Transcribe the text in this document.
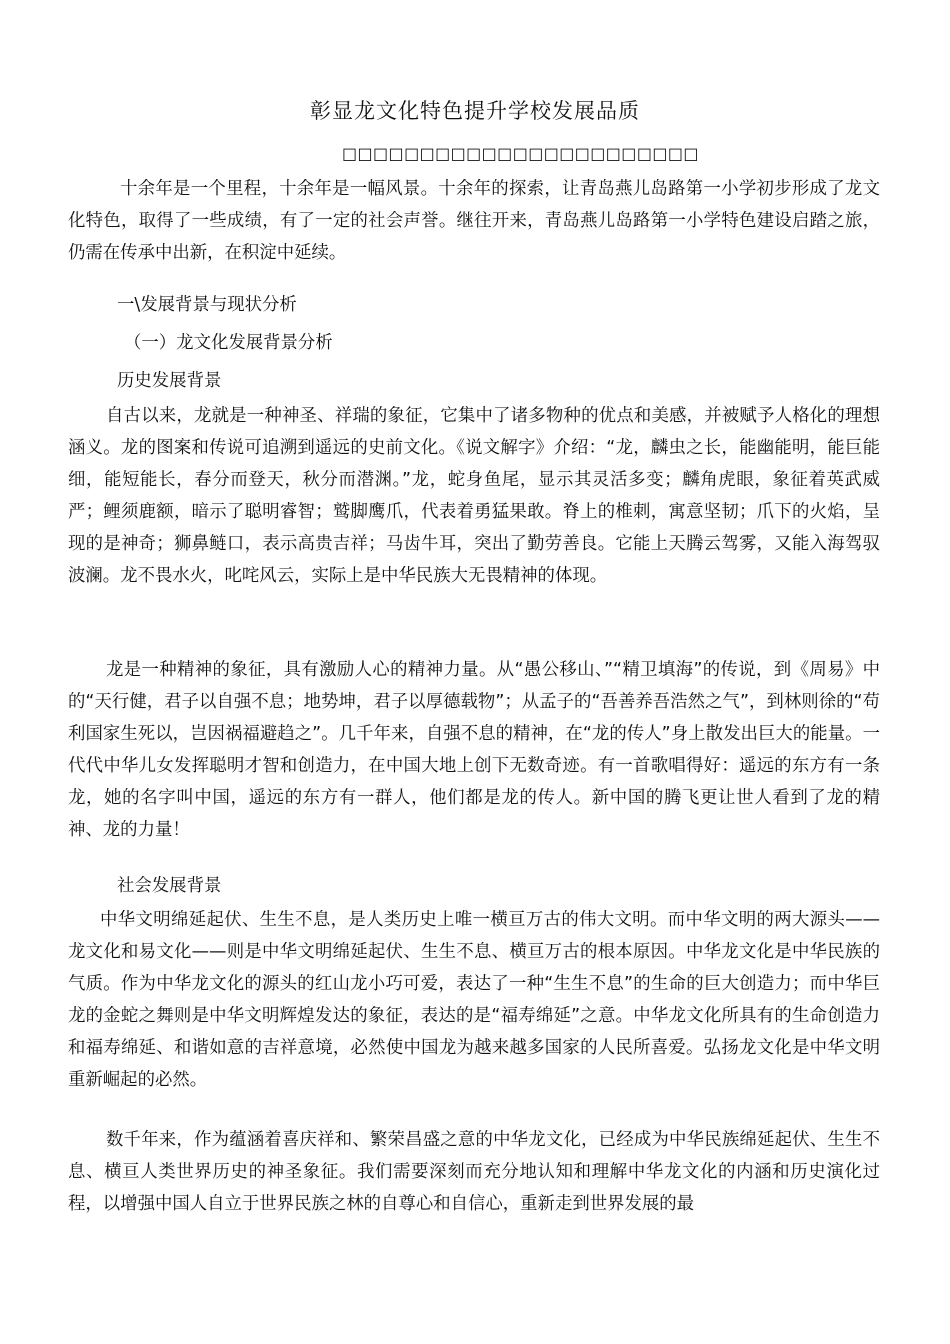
彰显龙文化特色提升学校发展品质
□□□□□□□□□□□□□□□□□□□□□□□

十余年是一个里程，十余年是一幅风景。十余年的探索，让青岛燕儿岛路第一小学初步形成了龙文化特色，取得了一些成绩，有了一定的社会声誉。继往开来，青岛燕儿岛路第一小学特色建设启踏之旅，仍需在传承中出新，在积淀中延续。

一\发展背景与现状分析

（一）龙文化发展背景分析

历史发展背景

自古以来，龙就是一种神圣、祥瑞的象征，它集中了诸多物种的优点和美感，并被赋予人格化的理想涵义。龙的图案和传说可追溯到遥远的史前文化。《说文解字》介绍：“龙，麟虫之长，能幽能明，能巨能细，能短能长，春分而登天，秋分而潜渊。”龙，蛇身鱼尾，显示其灵活多变；麟角虎眼，象征着英武威严；鲤须鹿额，暗示了聪明睿智；鹫脚鹰爪，代表着勇猛果敢。脊上的椎刺，寓意坚韧；爪下的火焰，呈现的是神奇；狮鼻鲢口，表示高贵吉祥；马齿牛耳，突出了勤劳善良。它能上天腾云驾雾，又能入海驾驭波澜。龙不畏水火，叱咤风云，实际上是中华民族大无畏精神的体现。

龙是一种精神的象征，具有激励人心的精神力量。从“愚公移山、”“精卫填海”的传说，到《周易》中的“天行健，君子以自强不息；地势坤，君子以厚德载物”；从孟子的“吾善养吾浩然之气”，到林则徐的“苟利国家生死以，岂因祸福避趋之”。几千年来，自强不息的精神，在“龙的传人”身上散发出巨大的能量。一代代中华儿女发挥聪明才智和创造力，在中国大地上创下无数奇迹。有一首歌唱得好：遥远的东方有一条龙，她的名字叫中国，遥远的东方有一群人，他们都是龙的传人。新中国的腾飞更让世人看到了龙的精神、龙的力量！

社会发展背景

中华文明绵延起伏、生生不息，是人类历史上唯一横亘万古的伟大文明。而中华文明的两大源头——龙文化和易文化——则是中华文明绵延起伏、生生不息、横亘万古的根本原因。中华龙文化是中华民族的气质。作为中华龙文化的源头的红山龙小巧可爱，表达了一种“生生不息”的生命的巨大创造力；而中华巨龙的金蛇之舞则是中华文明辉煌发达的象征，表达的是“福寿绵延”之意。中华龙文化所具有的生命创造力和福寿绵延、和谐如意的吉祥意境，必然使中国龙为越来越多国家的人民所喜爱。弘扬龙文化是中华文明重新崛起的必然。

数千年来，作为蕴涵着喜庆祥和、繁荣昌盛之意的中华龙文化，已经成为中华民族绵延起伏、生生不息、横亘人类世界历史的神圣象征。我们需要深刻而充分地认知和理解中华龙文化的内涵和历史演化过程，以增强中国人自立于世界民族之林的自尊心和自信心，重新走到世界发展的最
